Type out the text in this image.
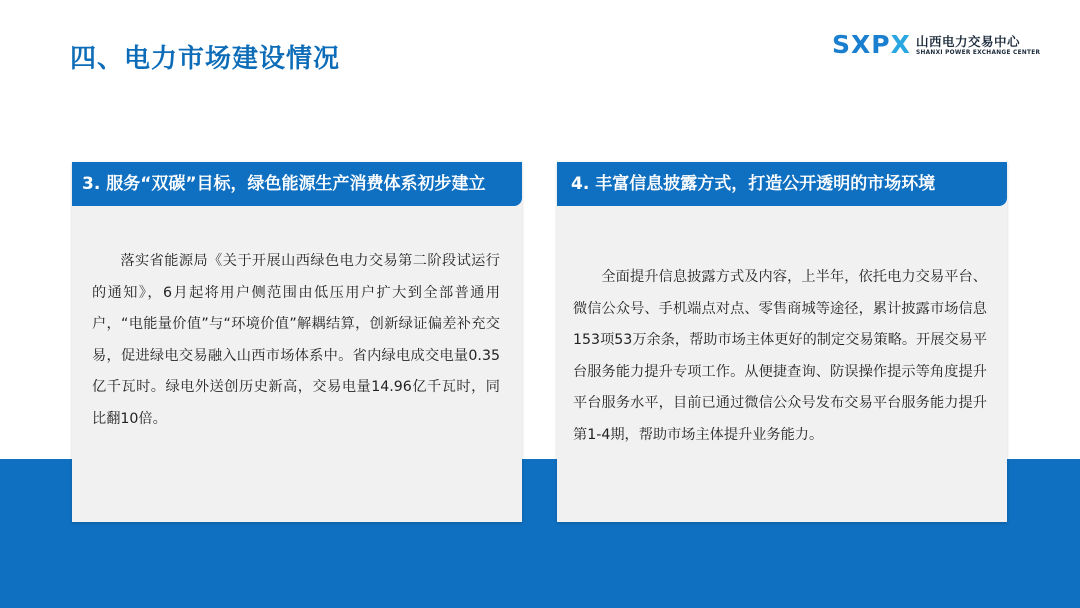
四、电力市场建设情况	SXPX 山西电力交易中心
SHANXI POWER EXCHANGE CENTER
3. 服务“双碳”目标，绿色能源生产消费体系初步建立
落实省能源局《关于开展山西绿色电力交易第二阶段试运行的通知》，6月起将用户侧范围由低压用户扩大到全部普通用户，“电能量价值”与“环境价值”解耦结算，创新绿证偏差补充交易，促进绿电交易融入山西市场体系中。省内绿电成交电量0.35亿千瓦时。绿电外送创历史新高，交易电量14.96亿千瓦时，同比翻10倍。
4. 丰富信息披露方式，打造公开透明的市场环境
全面提升信息披露方式及内容，上半年，依托电力交易平台、微信公众号、手机端点对点、零售商城等途径，累计披露市场信息153项53万余条，帮助市场主体更好的制定交易策略。开展交易平台服务能力提升专项工作。从便捷查询、防误操作提示等角度提升平台服务水平，目前已通过微信公众号发布交易平台服务能力提升第1-4期，帮助市场主体提升业务能力。
